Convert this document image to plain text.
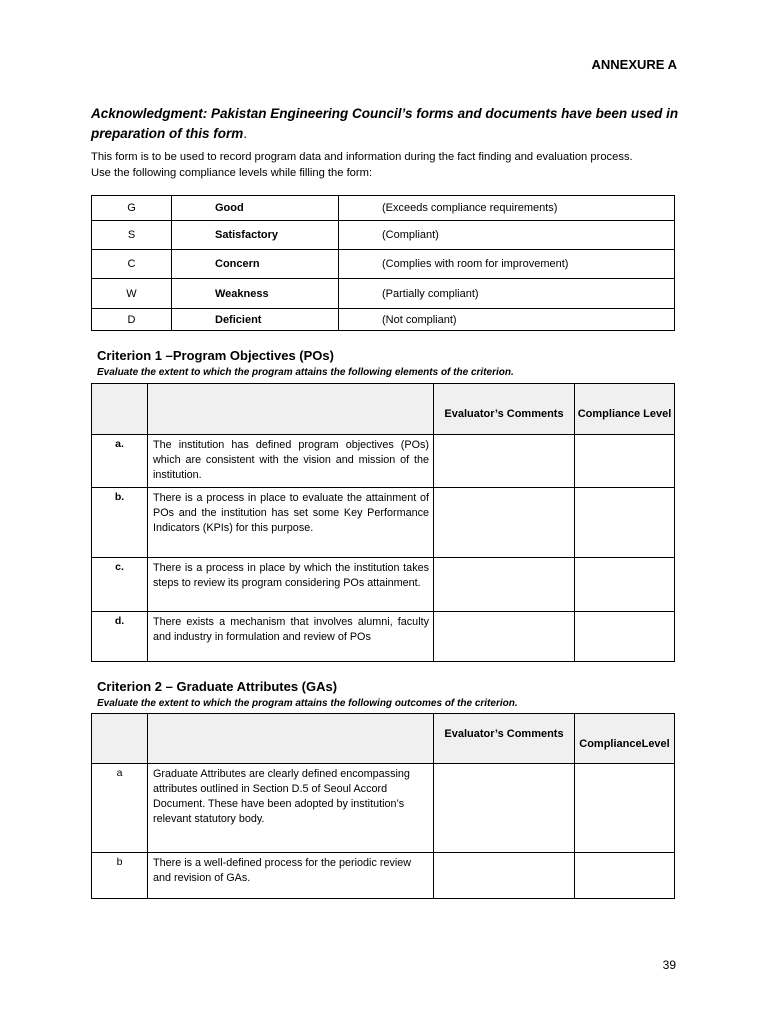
ANNEXURE A
Acknowledgment: Pakistan Engineering Council’s forms and documents have been used in preparation of this form.
This form is to be used to record program data and information during the fact finding and evaluation process. Use the following compliance levels while filling the form:
G	Good	(Exceeds compliance requirements)
S	Satisfactory	(Compliant)
C	Concern	(Complies with room for improvement)
W	Weakness	(Partially compliant)
D	Deficient	(Not compliant)
Criterion 1 –Program Objectives (POs)
Evaluate the extent to which the program attains the following elements of the criterion.
		Evaluator’s Comments	Compliance Level
a.	The institution has defined program objectives (POs) which are consistent with the vision and mission of the institution.		
b.	There is a process in place to evaluate the attainment of POs and the institution has set some Key Performance Indicators (KPIs) for this purpose.		
c.	There is a process in place by which the institution takes steps to review its program considering POs attainment.		
d.	There exists a mechanism that involves alumni, faculty and industry in formulation and review of POs		
Criterion 2 – Graduate Attributes (GAs)
Evaluate the extent to which the program attains the following outcomes of the criterion.
		Evaluator’s Comments	ComplianceLevel
a	Graduate Attributes are clearly defined encompassing attributes outlined in Section D.5 of Seoul Accord Document. These have been adopted by institution’s relevant statutory body.		
b	There is a well-defined process for the periodic review and revision of GAs.		
39
